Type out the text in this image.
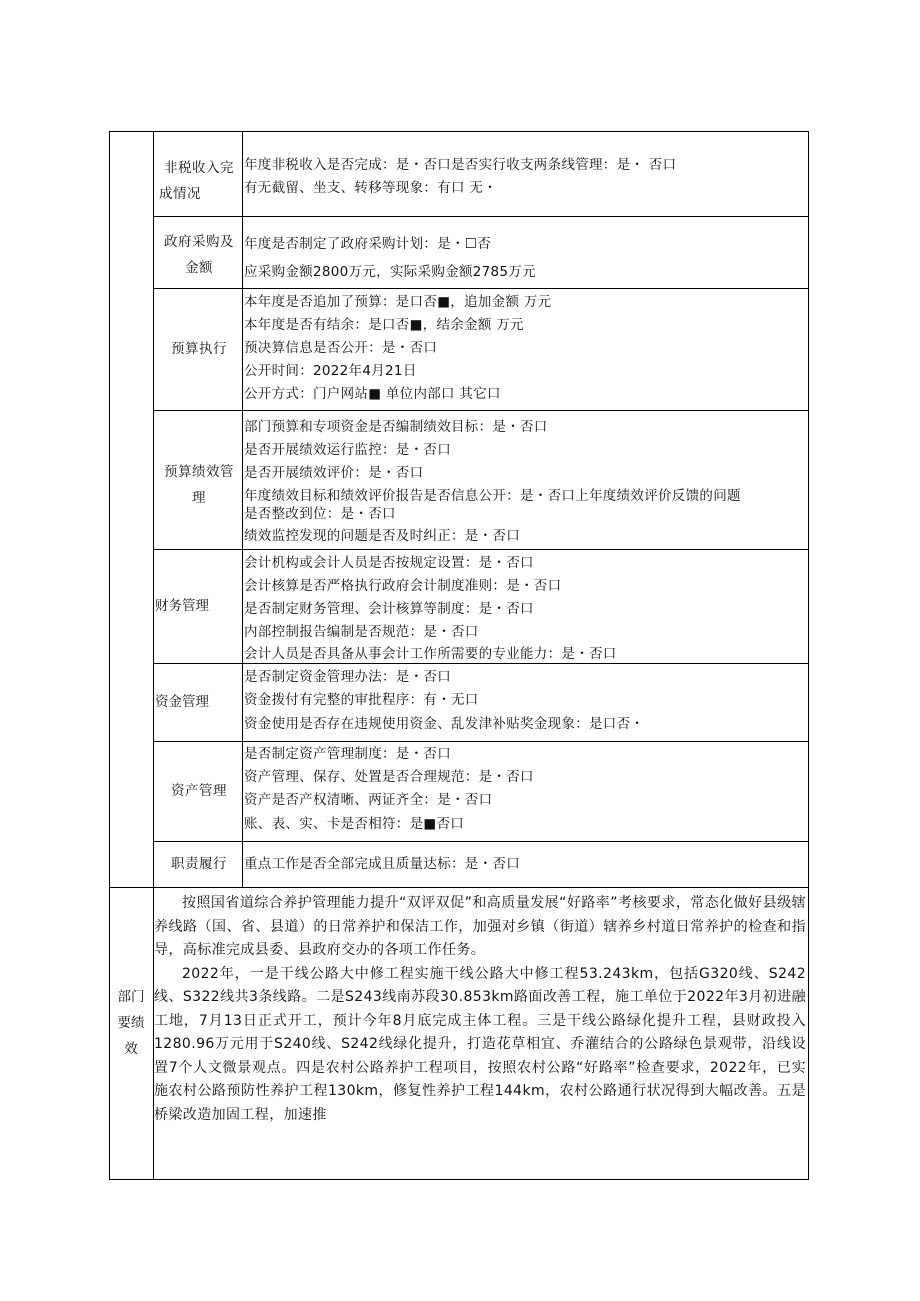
非税收入完
成情况
年度非税收入是否完成：是・否口是否实行收支两条线管理：是・ 否口
有无截留、坐支、转移等现象：有口 无・
政府采购及
金额
年度是否制定了政府采购计划：是・☐否
应采购金额2800万元，实际采购金额2785万元
预算执行
本年度是否追加了预算：是口否■，追加金额 万元
本年度是否有结余：是口否■，结余金额 万元
预决算信息是否公开：是・否口
公开时间：2022年4月21日
公开方式：门户网站■ 单位内部口 其它口
预算绩效管
理
部门预算和专项资金是否编制绩效目标：是・否口
是否开展绩效运行监控：是・否口
是否开展绩效评价：是・否口
年度绩效目标和绩效评价报告是否信息公开：是・否口上年度绩效评价反馈的问题
是否整改到位：是・否口
绩效监控发现的问题是否及时纠正：是・否口
财务管理
会计机构或会计人员是否按规定设置：是・否口
会计核算是否严格执行政府会计制度准则：是・否口
是否制定财务管理、会计核算等制度：是・否口
内部控制报告编制是否规范：是・否口
会计人员是否具备从事会计工作所需要的专业能力：是・否口
资金管理
是否制定资金管理办法：是・否口
资金拨付有完整的审批程序：有・无口
资金使用是否存在违规使用资金、乱发津补贴奖金现象：是口否・
资产管理
是否制定资产管理制度：是・否口
资产管理、保存、处置是否合理规范：是・否口
资产是否产权清晰、两证齐全：是・否口
账、表、实、卡是否相符：是■否口
职责履行	重点工作是否全部完成且质量达标：是・否口
部门
要绩
效

按照国省道综合养护管理能力提升“双评双促”和高质量发展“好路率”考核要求，常态化做好县级辖养线路（国、省、县道）的日常养护和保洁工作，加强对乡镇（街道）辖养乡村道日常养护的检查和指导，高标准完成县委、县政府交办的各项工作任务。

2022年，一是干线公路大中修工程实施干线公路大中修工程53.243km，包括G320线、S242线、S322线共3条线路。二是S243线南苏段30.853km路面改善工程，施工单位于2022年3月初进融工地，7月13日正式开工，预计今年8月底完成主体工程。三是干线公路绿化提升工程，县财政投入1280.96万元用于S240线、S242线绿化提升，打造花草相宜、乔灌结合的公路绿色景观带，沿线设置7个人文微景观点。四是农村公路养护工程项目，按照农村公路“好路率”检查要求，2022年，已实施农村公路预防性养护工程130km，修复性养护工程144km，农村公路通行状况得到大幅改善。五是桥梁改造加固工程，加速推
